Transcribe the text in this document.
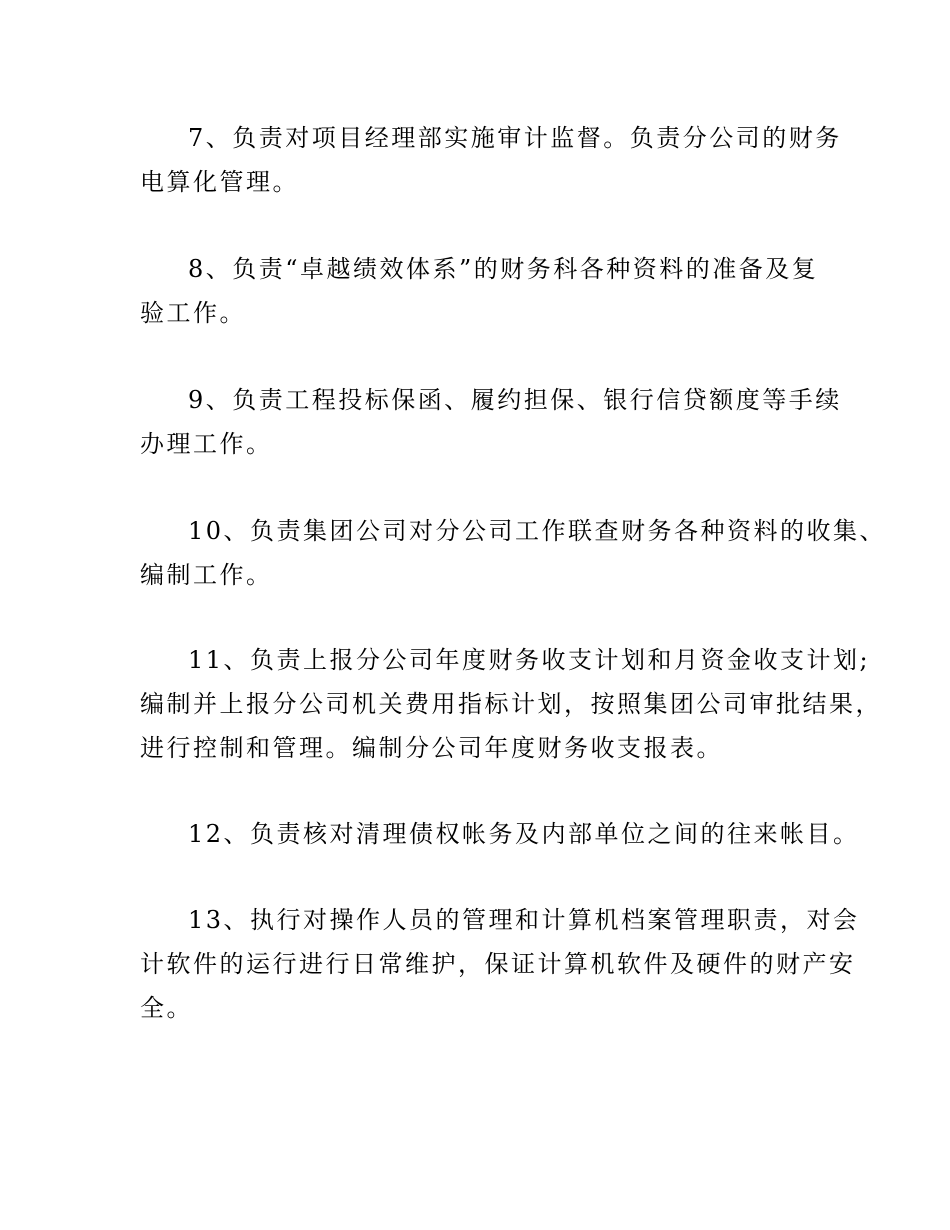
7、负责对项目经理部实施审计监督。负责分公司的财务
电算化管理。

8、负责“卓越绩效体系”的财务科各种资料的准备及复
验工作。

9、负责工程投标保函、履约担保、银行信贷额度等手续
办理工作。

10、负责集团公司对分公司工作联查财务各种资料的收集、
编制工作。

11、负责上报分公司年度财务收支计划和月资金收支计划;
编制并上报分公司机关费用指标计划，按照集团公司审批结果，
进行控制和管理。编制分公司年度财务收支报表。

12、负责核对清理债权帐务及内部单位之间的往来帐目。

13、执行对操作人员的管理和计算机档案管理职责，对会
计软件的运行进行日常维护，保证计算机软件及硬件的财产安
全。
